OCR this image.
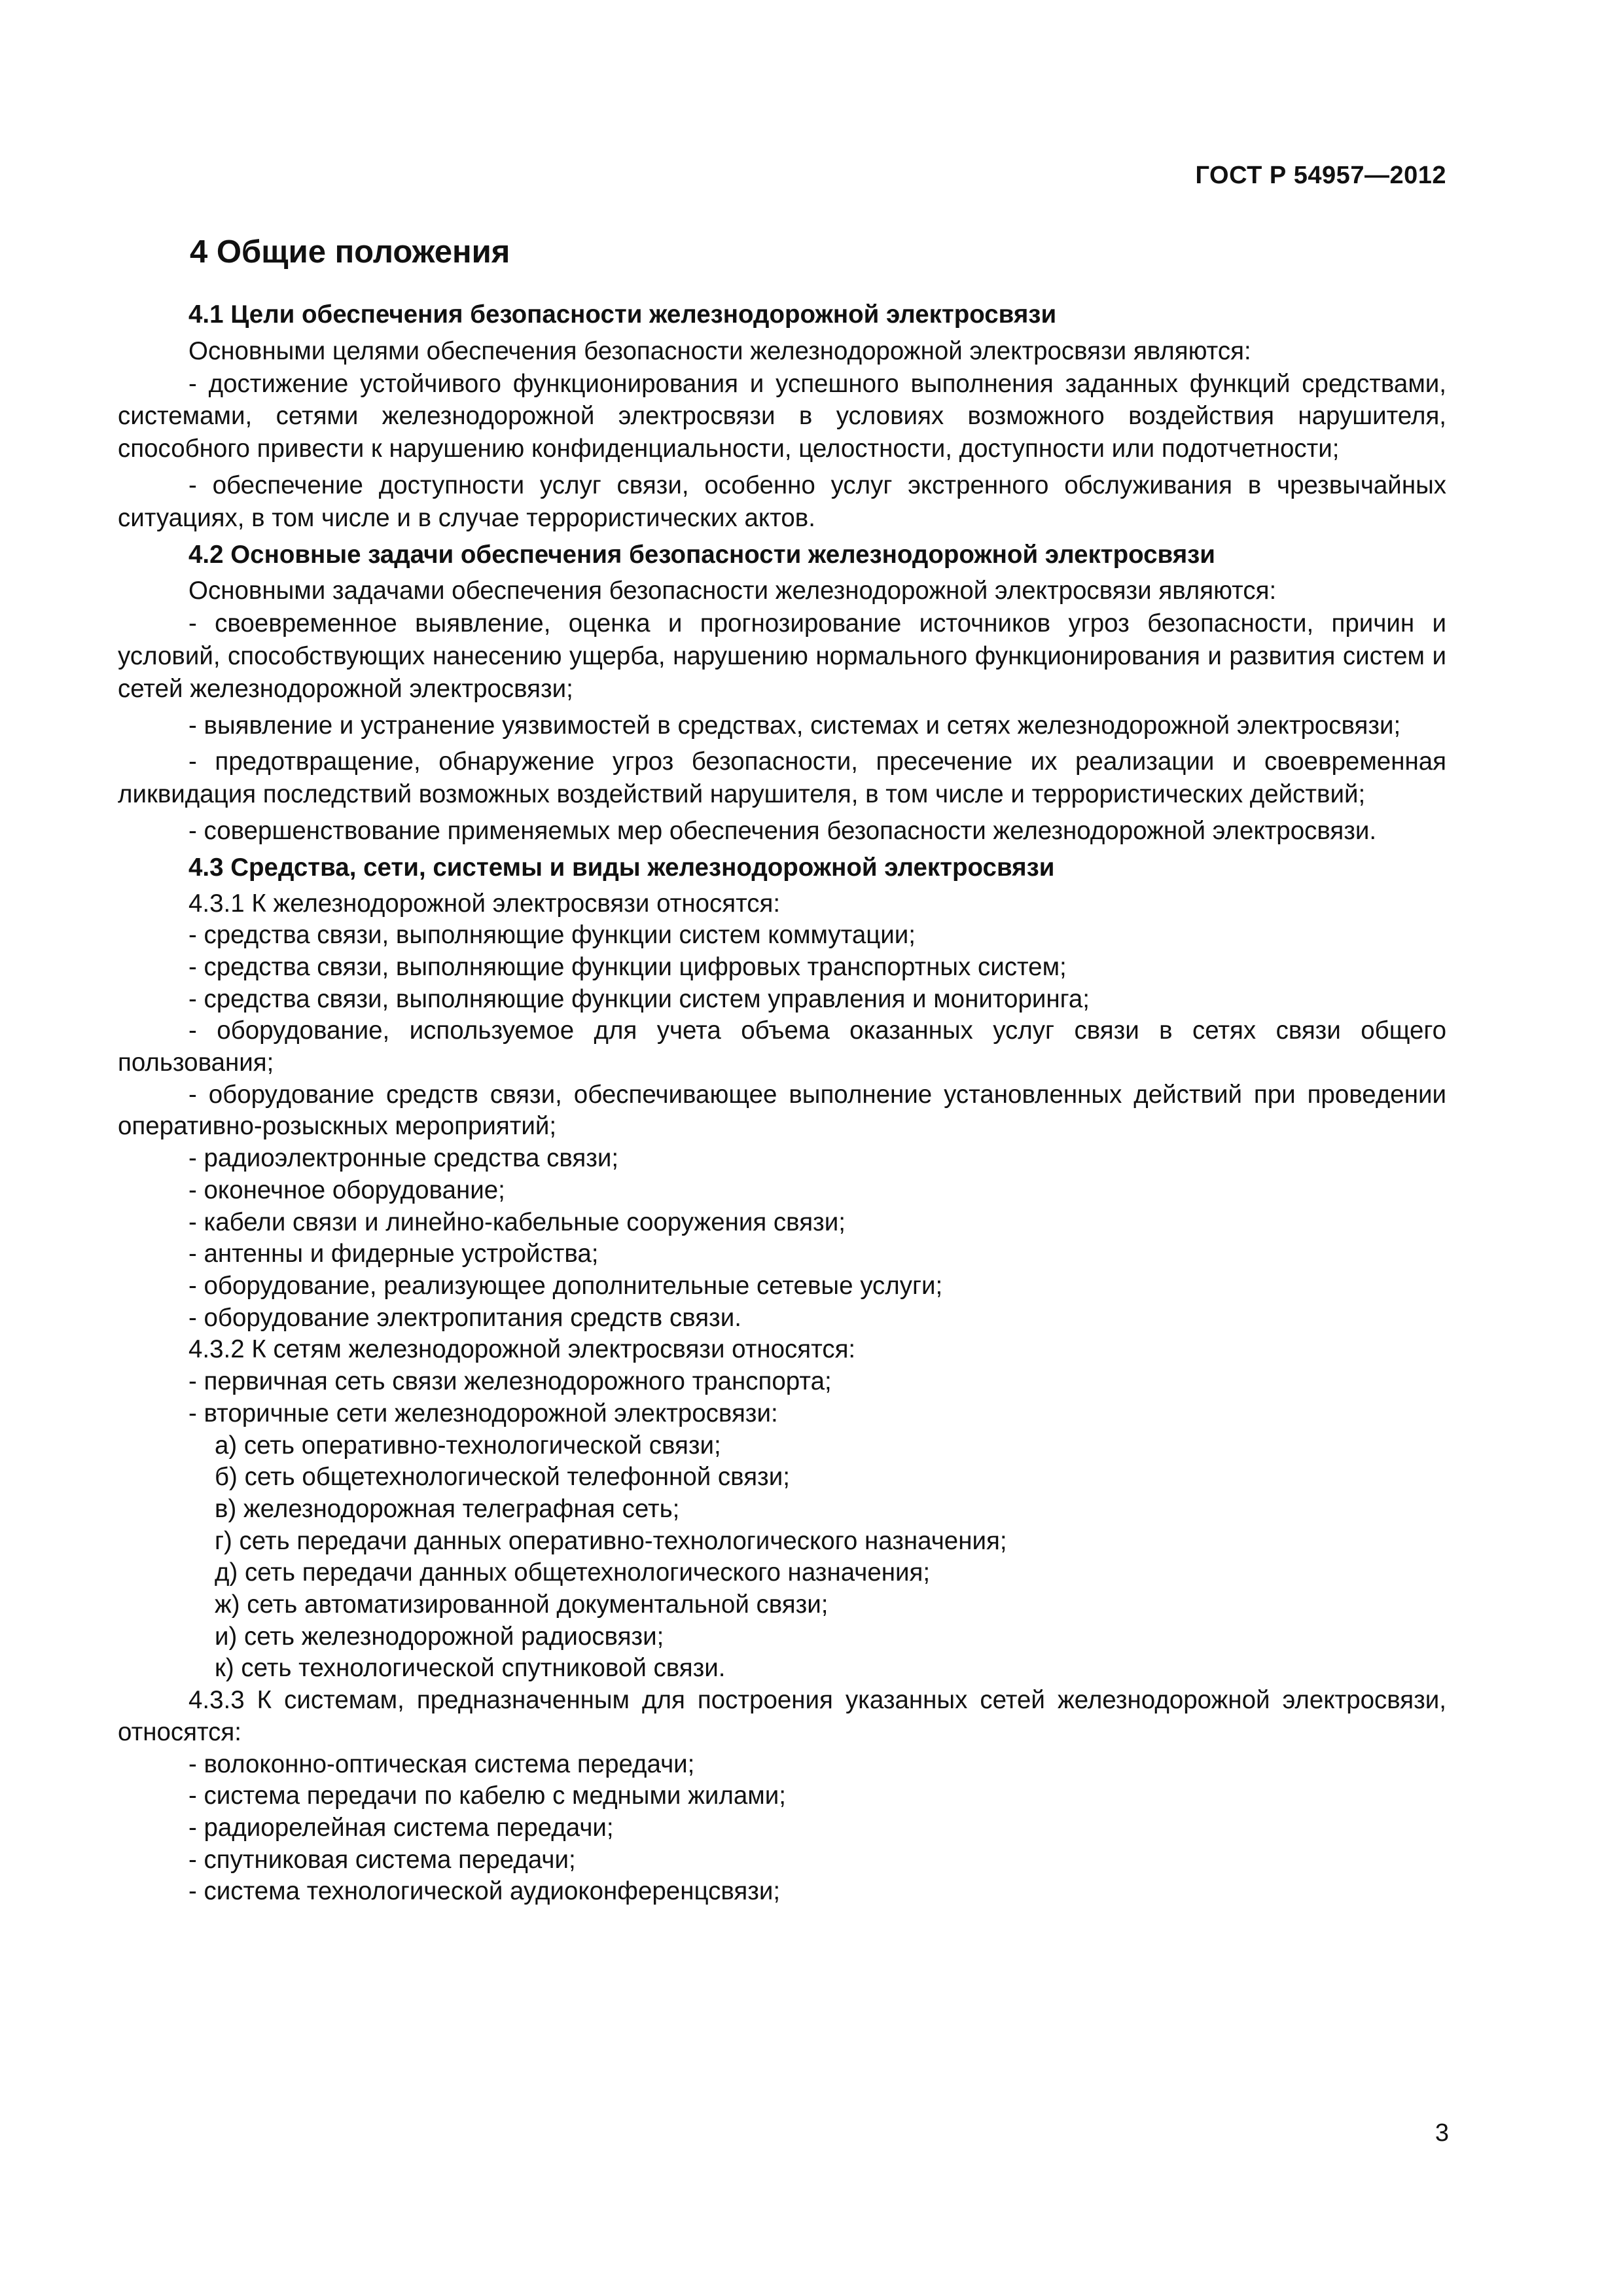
ГОСТ Р 54957—2012
4 Общие положения
4.1 Цели обеспечения безопасности железнодорожной электросвязи
Основными целями обеспечения безопасности железнодорожной электросвязи являются:
- достижение устойчивого функционирования и успешного выполнения заданных функций средствами, системами, сетями железнодорожной электросвязи в условиях возможного воздействия нарушителя, способного привести к нарушению конфиденциальности, целостности, доступности или подотчетности;
- обеспечение доступности услуг связи, особенно услуг экстренного обслуживания в чрезвычайных ситуациях, в том числе и в случае террористических актов.
4.2 Основные задачи обеспечения безопасности железнодорожной электросвязи
Основными задачами обеспечения безопасности железнодорожной электросвязи являются:
- своевременное выявление, оценка и прогнозирование источников угроз безопасности, причин и условий, способствующих нанесению ущерба, нарушению нормального функционирования и развития систем и сетей железнодорожной электросвязи;
- выявление и устранение уязвимостей в средствах, системах и сетях железнодорожной электросвязи;
- предотвращение, обнаружение угроз безопасности, пресечение их реализации и своевременная ликвидация последствий возможных воздействий нарушителя, в том числе и террористических действий;
- совершенствование применяемых мер обеспечения безопасности железнодорожной электросвязи.
4.3 Средства, сети, системы и виды железнодорожной электросвязи
4.3.1 К железнодорожной электросвязи относятся:
- средства связи, выполняющие функции систем коммутации;
- средства связи, выполняющие функции цифровых транспортных систем;
- средства связи, выполняющие функции систем управления и мониторинга;
- оборудование, используемое для учета объема оказанных услуг связи в сетях связи общего пользования;
- оборудование средств связи, обеспечивающее выполнение установленных действий при проведении оперативно-розыскных мероприятий;
- радиоэлектронные средства связи;
- оконечное оборудование;
- кабели связи и линейно-кабельные сооружения связи;
- антенны и фидерные устройства;
- оборудование, реализующее дополнительные сетевые услуги;
- оборудование электропитания средств связи.
4.3.2 К сетям железнодорожной электросвязи относятся:
- первичная сеть связи железнодорожного транспорта;
- вторичные сети железнодорожной электросвязи:
а) сеть оперативно-технологической связи;
б) сеть общетехнологической телефонной связи;
в) железнодорожная телеграфная сеть;
г) сеть передачи данных оперативно-технологического назначения;
д) сеть передачи данных общетехнологического назначения;
ж) сеть автоматизированной документальной связи;
и) сеть железнодорожной радиосвязи;
к) сеть технологической спутниковой связи.
4.3.3 К системам, предназначенным для построения указанных сетей железнодорожной электросвязи, относятся:
- волоконно-оптическая система передачи;
- система передачи по кабелю с медными жилами;
- радиорелейная система передачи;
- спутниковая система передачи;
- система технологической аудиоконференцсвязи;
3
